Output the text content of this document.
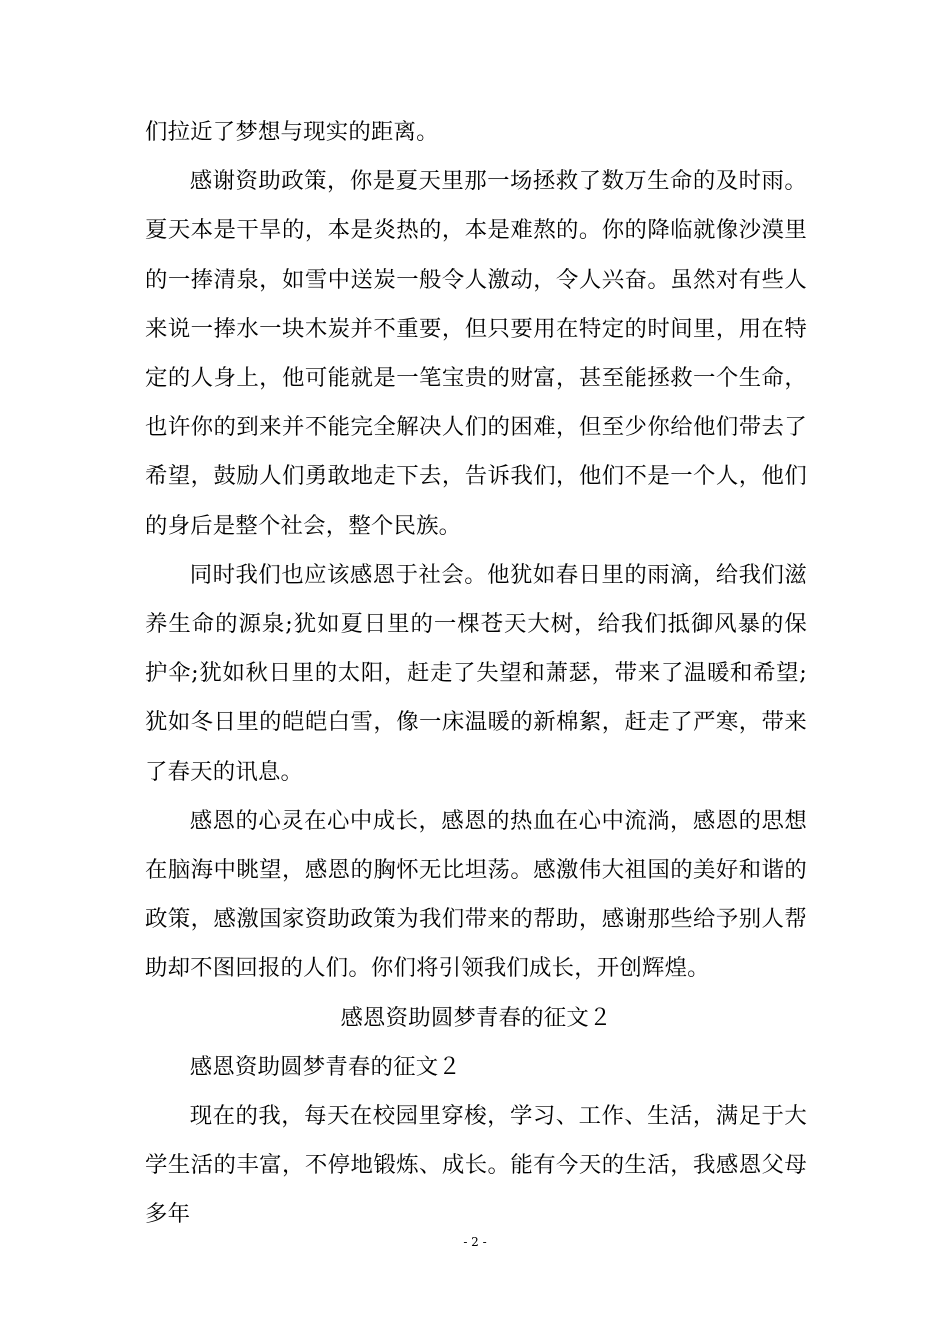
们拉近了梦想与现实的距离。

感谢资助政策，你是夏天里那一场拯救了数万生命的及时雨。夏天本是干旱的，本是炎热的，本是难熬的。你的降临就像沙漠里的一捧清泉，如雪中送炭一般令人激动，令人兴奋。虽然对有些人来说一捧水一块木炭并不重要，但只要用在特定的时间里，用在特定的人身上，他可能就是一笔宝贵的财富，甚至能拯救一个生命，也许你的到来并不能完全解决人们的困难，但至少你给他们带去了希望，鼓励人们勇敢地走下去，告诉我们，他们不是一个人，他们的身后是整个社会，整个民族。

同时我们也应该感恩于社会。他犹如春日里的雨滴，给我们滋养生命的源泉;犹如夏日里的一棵苍天大树，给我们抵御风暴的保护伞;犹如秋日里的太阳，赶走了失望和萧瑟，带来了温暖和希望;犹如冬日里的皑皑白雪，像一床温暖的新棉絮，赶走了严寒，带来了春天的讯息。

感恩的心灵在心中成长，感恩的热血在心中流淌，感恩的思想在脑海中眺望，感恩的胸怀无比坦荡。感激伟大祖国的美好和谐的政策，感激国家资助政策为我们带来的帮助，感谢那些给予别人帮助却不图回报的人们。你们将引领我们成长，开创辉煌。

感恩资助圆梦青春的征文２

感恩资助圆梦青春的征文２

现在的我，每天在校园里穿梭，学习、工作、生活，满足于大学生活的丰富，不停地锻炼、成长。能有今天的生活，我感恩父母多年

- 2 -
